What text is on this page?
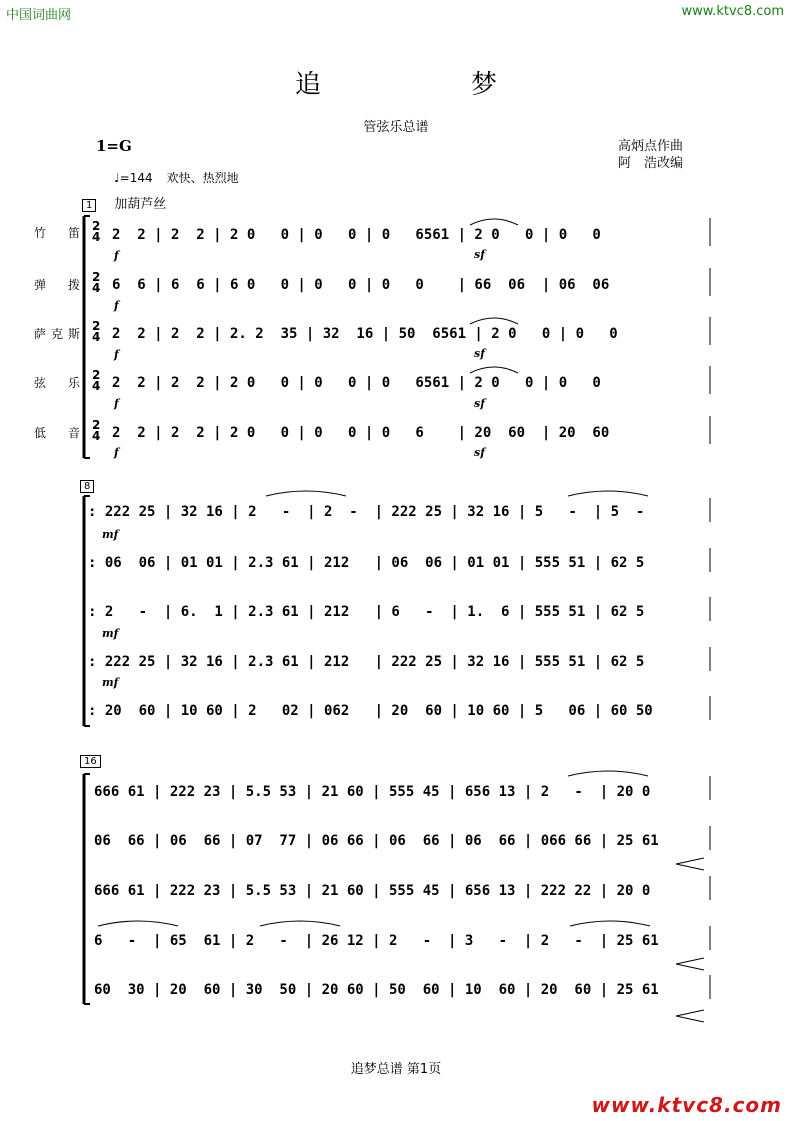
中国词曲网	www.ktvc8.com
追梦
管弦乐总谱
1=G	高炳点作曲
阿　浩改编
♩=144 欢快、热烈地
1 加葫芦丝
8
16
竹笛
弹拨
萨克斯
弦乐
低音
2
4
2
4
2
4
2
4
2
4
2  2 | 2  2 | 2 0   0 | 0   0 | 0   6561 | 2 0   0 | 0   0
6  6 | 6  6 | 6 0   0 | 0   0 | 0   0    | 66  06  | 06  06
2  2 | 2  2 | 2. 2  35 | 32  16 | 50  6561 | 2 0   0 | 0   0
2  2 | 2  2 | 2 0   0 | 0   0 | 0   6561 | 2 0   0 | 0   0
2  2 | 2  2 | 2 0   0 | 0   0 | 0   6    | 20  60  | 20  60
f
f
f
f
f
sf
sf
sf
sf
: 222 25 | 32 16 | 2   -  | 2  -  | 222 25 | 32 16 | 5   -  | 5  -
: 06  06 | 01 01 | 2.3 61 | 212   | 06  06 | 01 01 | 555 51 | 62 5
: 2   -  | 6.  1 | 2.3 61 | 212   | 6   -  | 1.  6 | 555 51 | 62 5
: 222 25 | 32 16 | 2.3 61 | 212   | 222 25 | 32 16 | 555 51 | 62 5
: 20  60 | 10 60 | 2   02 | 062   | 20  60 | 10 60 | 5   06 | 60 50
mf
mf
mf
666 61 | 222 23 | 5.5 53 | 21 60 | 555 45 | 656 13 | 2   -  | 20 0
06  66 | 06  66 | 07  77 | 06 66 | 06  66 | 06  66 | 066 66 | 25 61
666 61 | 222 23 | 5.5 53 | 21 60 | 555 45 | 656 13 | 222 22 | 20 0
6   -  | 65  61 | 2   -  | 26 12 | 2   -  | 3   -  | 2   -  | 25 61
60  30 | 20  60 | 30  50 | 20 60 | 50  60 | 10  60 | 20  60 | 25 61
追梦总谱 第1页
www.ktvc8.com
